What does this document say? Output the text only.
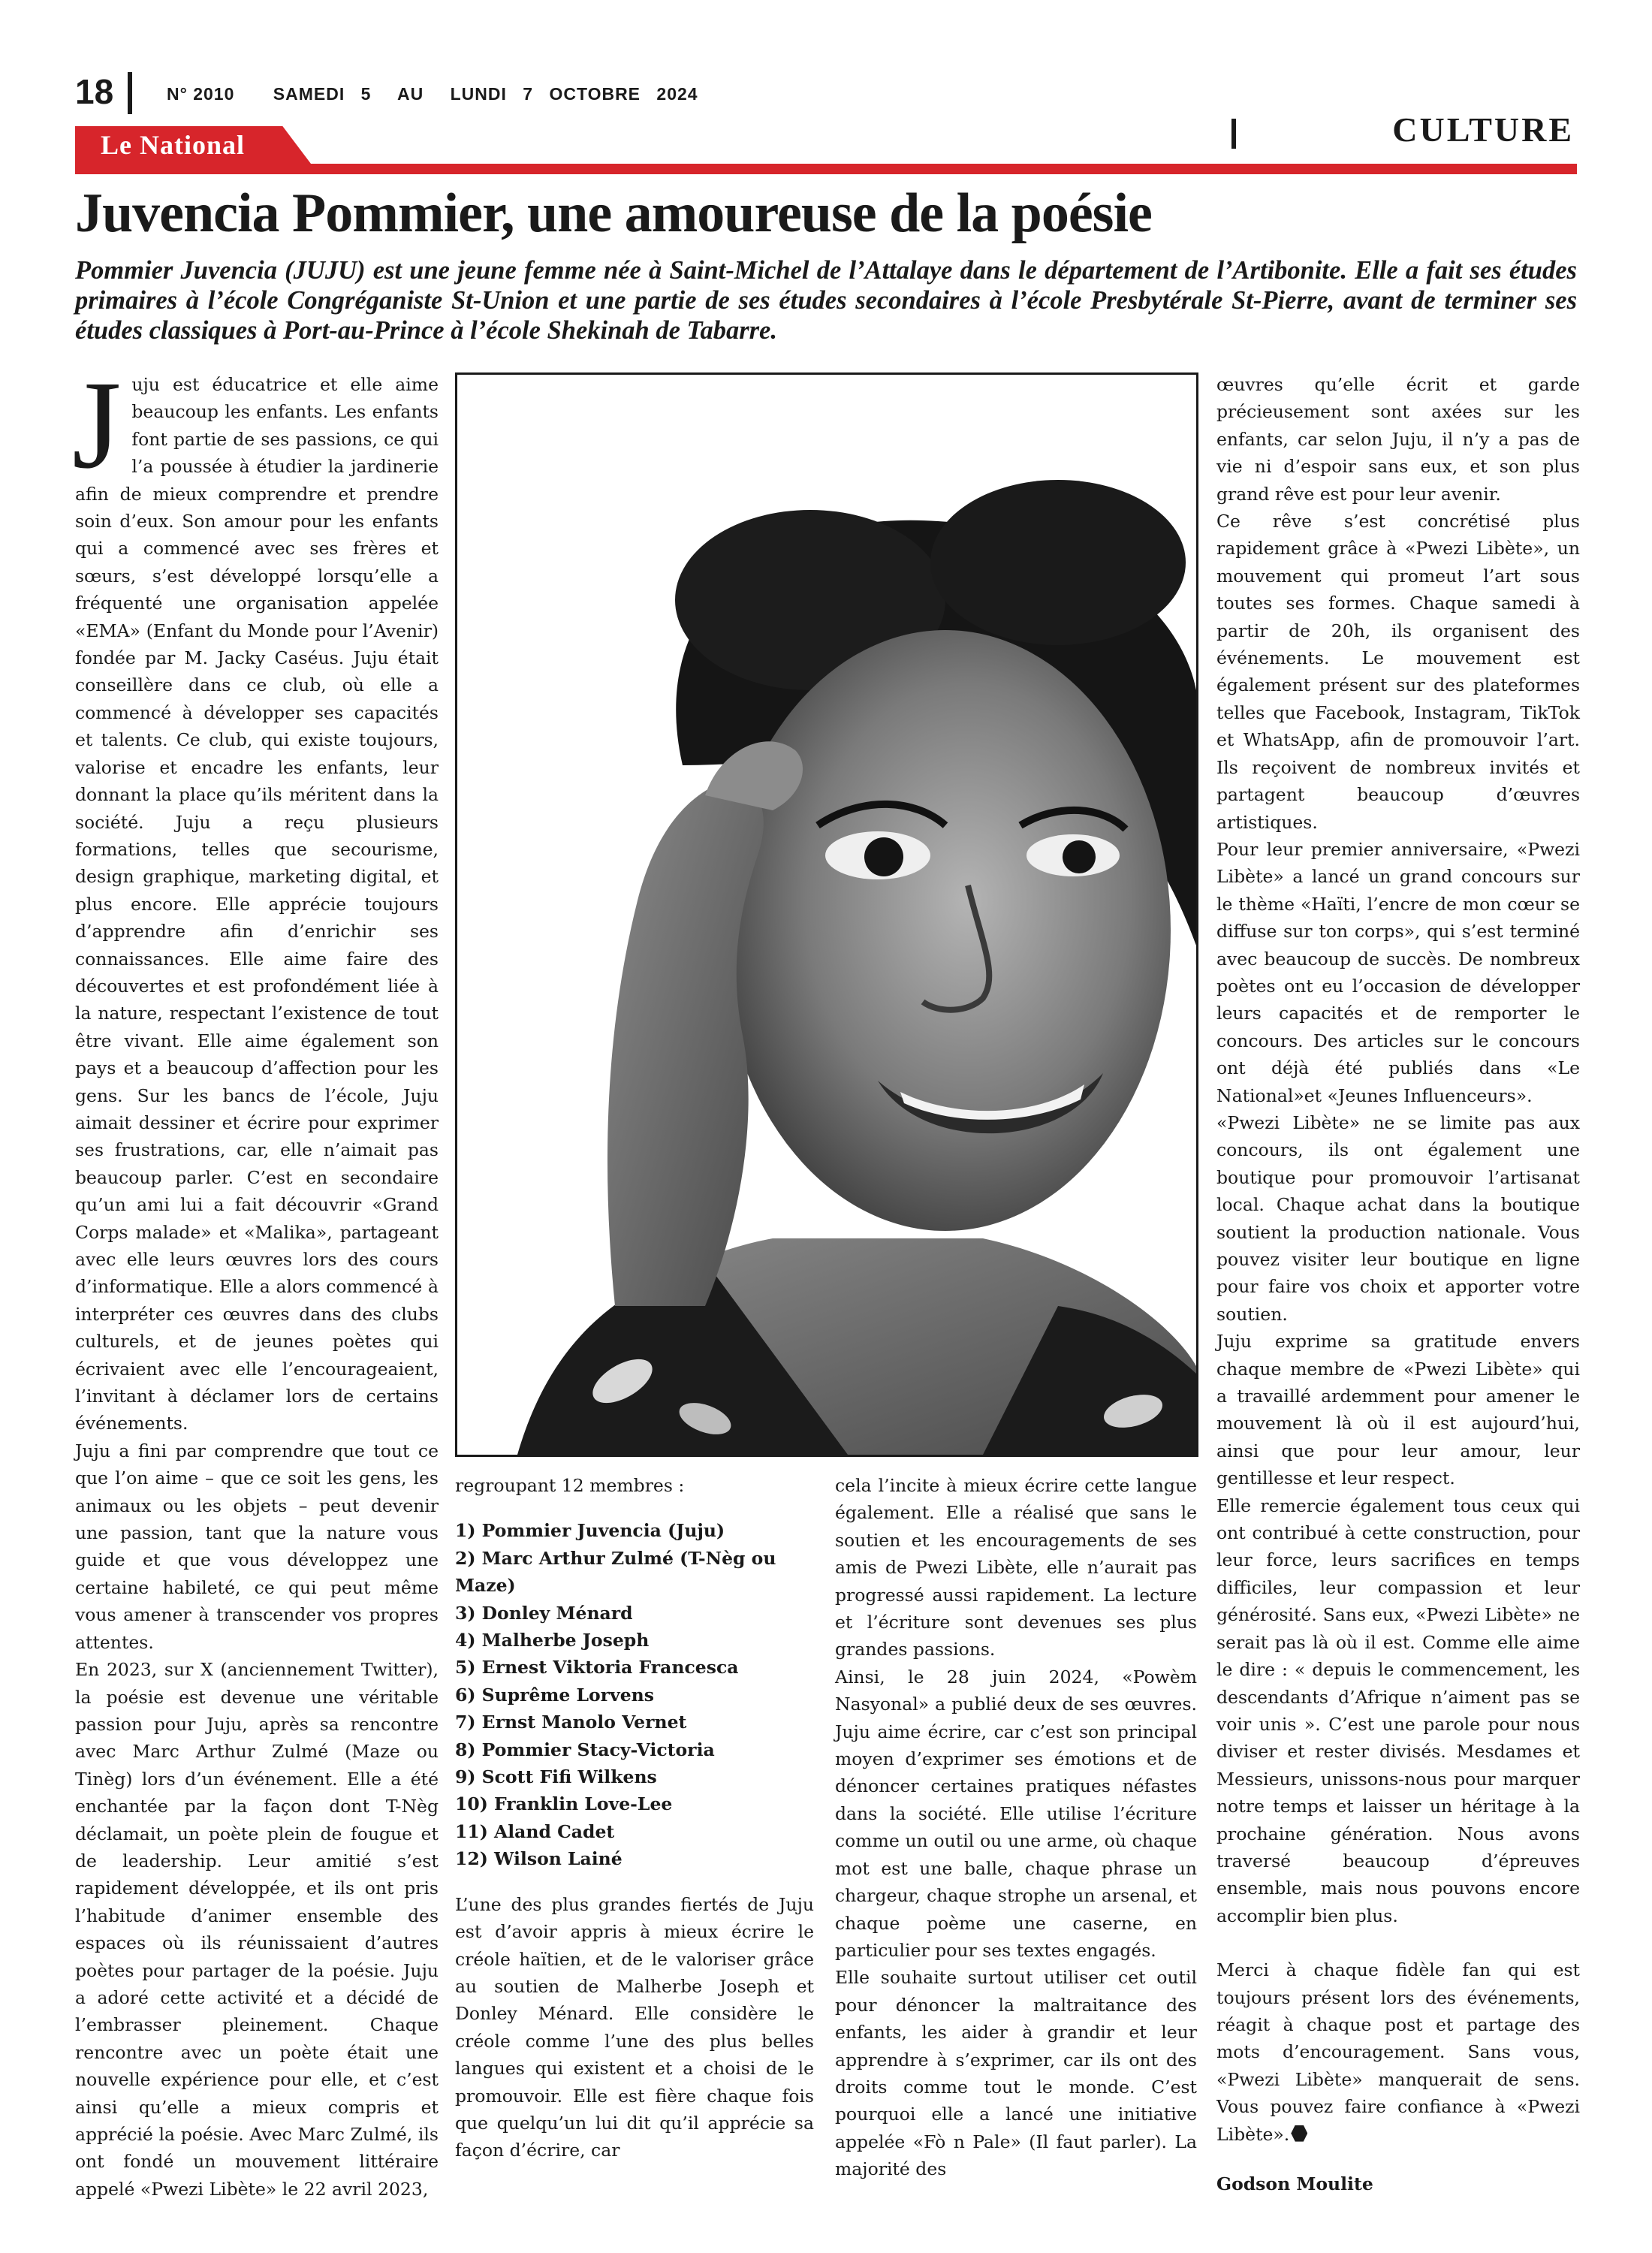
18	N° 2010 SAMEDI 5 AU LUNDI 7 OCTOBRE 2024
CULTURE
Le National
Juvencia Pommier, une amoureuse de la poésie
Pommier Juvencia (JUJU) est une jeune femme née à Saint-Michel de l’Attalaye dans le département de l’Artibonite. Elle a fait ses études primaires à l’école Congréganiste St-Union et une partie de ses études secondaires à l’école Presbytérale St-Pierre, avant de terminer ses études classiques à Port-au-Prince à l’école Shekinah de Tabarre.

Juju est éducatrice et elle aime beaucoup les enfants. Les enfants font partie de ses passions, ce qui l’a poussée à étudier la jardinerie afin de mieux comprendre et prendre soin d’eux. Son amour pour les enfants qui a commencé avec ses frères et sœurs, s’est développé lorsqu’elle a fréquenté une organisation appelée «EMA» (Enfant du Monde pour l’Avenir) fondée par M. Jacky Caséus. Juju était conseillère dans ce club, où elle a commencé à développer ses capacités et talents. Ce club, qui existe toujours, valorise et encadre les enfants, leur donnant la place qu’ils méritent dans la société. Juju a reçu plusieurs formations, telles que secourisme, design graphique, marketing digital, et plus encore. Elle apprécie toujours d’apprendre afin d’enrichir ses connaissances. Elle aime faire des découvertes et est profondément liée à la nature, respectant l’existence de tout être vivant. Elle aime également son pays et a beaucoup d’affection pour les gens. Sur les bancs de l’école, Juju aimait dessiner et écrire pour exprimer ses frustrations, car, elle n’aimait pas beaucoup parler. C’est en secondaire qu’un ami lui a fait découvrir «Grand Corps malade» et «Malika», partageant avec elle leurs œuvres lors des cours d’informatique. Elle a alors commencé à interpréter ces œuvres dans des clubs culturels, et de jeunes poètes qui écrivaient avec elle l’encourageaient, l’invitant à déclamer lors de certains événements.

Juju a fini par comprendre que tout ce que l’on aime – que ce soit les gens, les animaux ou les objets – peut devenir une passion, tant que la nature vous guide et que vous développez une certaine habileté, ce qui peut même vous amener à transcender vos propres attentes.

En 2023, sur X (anciennement Twitter), la poésie est devenue une véritable passion pour Juju, après sa rencontre avec Marc Arthur Zulmé (Maze ou Tinèg) lors d’un événement. Elle a été enchantée par la façon dont T-Nèg déclamait, un poète plein de fougue et de leadership. Leur amitié s’est rapidement développée, et ils ont pris l’habitude d’animer ensemble des espaces où ils réunissaient d’autres poètes pour partager de la poésie. Juju a adoré cette activité et a décidé de l’embrasser pleinement. Chaque rencontre avec un poète était une nouvelle expérience pour elle, et c’est ainsi qu’elle a mieux compris et apprécié la poésie. Avec Marc Zulmé, ils ont fondé un mouvement littéraire appelé «Pwezi Libète» le 22 avril 2023,

regroupant 12 membres :

1) Pommier Juvencia (Juju)
2) Marc Arthur Zulmé (T-Nèg ou Maze)
3) Donley Ménard
4) Malherbe Joseph
5) Ernest Viktoria Francesca
6) Suprême Lorvens
7) Ernst Manolo Vernet
8) Pommier Stacy-Victoria
9) Scott Fifi Wilkens
10) Franklin Love-Lee
11) Aland Cadet
12) Wilson Lainé

L’une des plus grandes fiertés de Juju est d’avoir appris à mieux écrire le créole haïtien, et de le valoriser grâce au soutien de Malherbe Joseph et Donley Ménard. Elle considère le créole comme l’une des plus belles langues qui existent et a choisi de le promouvoir. Elle est fière chaque fois que quelqu’un lui dit qu’il apprécie sa façon d’écrire, car

cela l’incite à mieux écrire cette langue également. Elle a réalisé que sans le soutien et les encouragements de ses amis de Pwezi Libète, elle n’aurait pas progressé aussi rapidement. La lecture et l’écriture sont devenues ses plus grandes passions.

Ainsi, le 28 juin 2024, «Powèm Nasyonal» a publié deux de ses œuvres. Juju aime écrire, car c’est son principal moyen d’exprimer ses émotions et de dénoncer certaines pratiques néfastes dans la société. Elle utilise l’écriture comme un outil ou une arme, où chaque mot est une balle, chaque phrase un chargeur, chaque strophe un arsenal, et chaque poème une caserne, en particulier pour ses textes engagés.

Elle souhaite surtout utiliser cet outil pour dénoncer la maltraitance des enfants, les aider à grandir et leur apprendre à s’exprimer, car ils ont des droits comme tout le monde. C’est pourquoi elle a lancé une initiative appelée «Fò n Pale» (Il faut parler). La majorité des

œuvres qu’elle écrit et garde précieusement sont axées sur les enfants, car selon Juju, il n’y a pas de vie ni d’espoir sans eux, et son plus grand rêve est pour leur avenir.

Ce rêve s’est concrétisé plus rapidement grâce à «Pwezi Libète», un mouvement qui promeut l’art sous toutes ses formes. Chaque samedi à partir de 20h, ils organisent des événements. Le mouvement est également présent sur des plateformes telles que Facebook, Instagram, TikTok et WhatsApp, afin de promouvoir l’art. Ils reçoivent de nombreux invités et partagent beaucoup d’œuvres artistiques.

Pour leur premier anniversaire, «Pwezi Libète» a lancé un grand concours sur le thème «Haïti, l’encre de mon cœur se diffuse sur ton corps», qui s’est terminé avec beaucoup de succès. De nombreux poètes ont eu l’occasion de développer leurs capacités et de remporter le concours. Des articles sur le concours ont déjà été publiés dans «Le National»et «Jeunes Influenceurs».

«Pwezi Libète» ne se limite pas aux concours, ils ont également une boutique pour promouvoir l’artisanat local. Chaque achat dans la boutique soutient la production nationale. Vous pouvez visiter leur boutique en ligne pour faire vos choix et apporter votre soutien.

Juju exprime sa gratitude envers chaque membre de «Pwezi Libète» qui a travaillé ardemment pour amener le mouvement là où il est aujourd’hui, ainsi que pour leur amour, leur gentillesse et leur respect.

Elle remercie également tous ceux qui ont contribué à cette construction, pour leur force, leurs sacrifices en temps difficiles, leur compassion et leur générosité. Sans eux, «Pwezi Libète» ne serait pas là où il est. Comme elle aime le dire : « depuis le commencement, les descendants d’Afrique n’aiment pas se voir unis ». C’est une parole pour nous diviser et rester divisés. Mesdames et Messieurs, unissons-nous pour marquer notre temps et laisser un héritage à la prochaine génération. Nous avons traversé beaucoup d’épreuves ensemble, mais nous pouvons encore accomplir bien plus.

Merci à chaque fidèle fan qui est toujours présent lors des événements, réagit à chaque post et partage des mots d’encouragement. Sans vous, «Pwezi Libète» manquerait de sens. Vous pouvez faire confiance à «Pwezi Libète».

Godson Moulite
